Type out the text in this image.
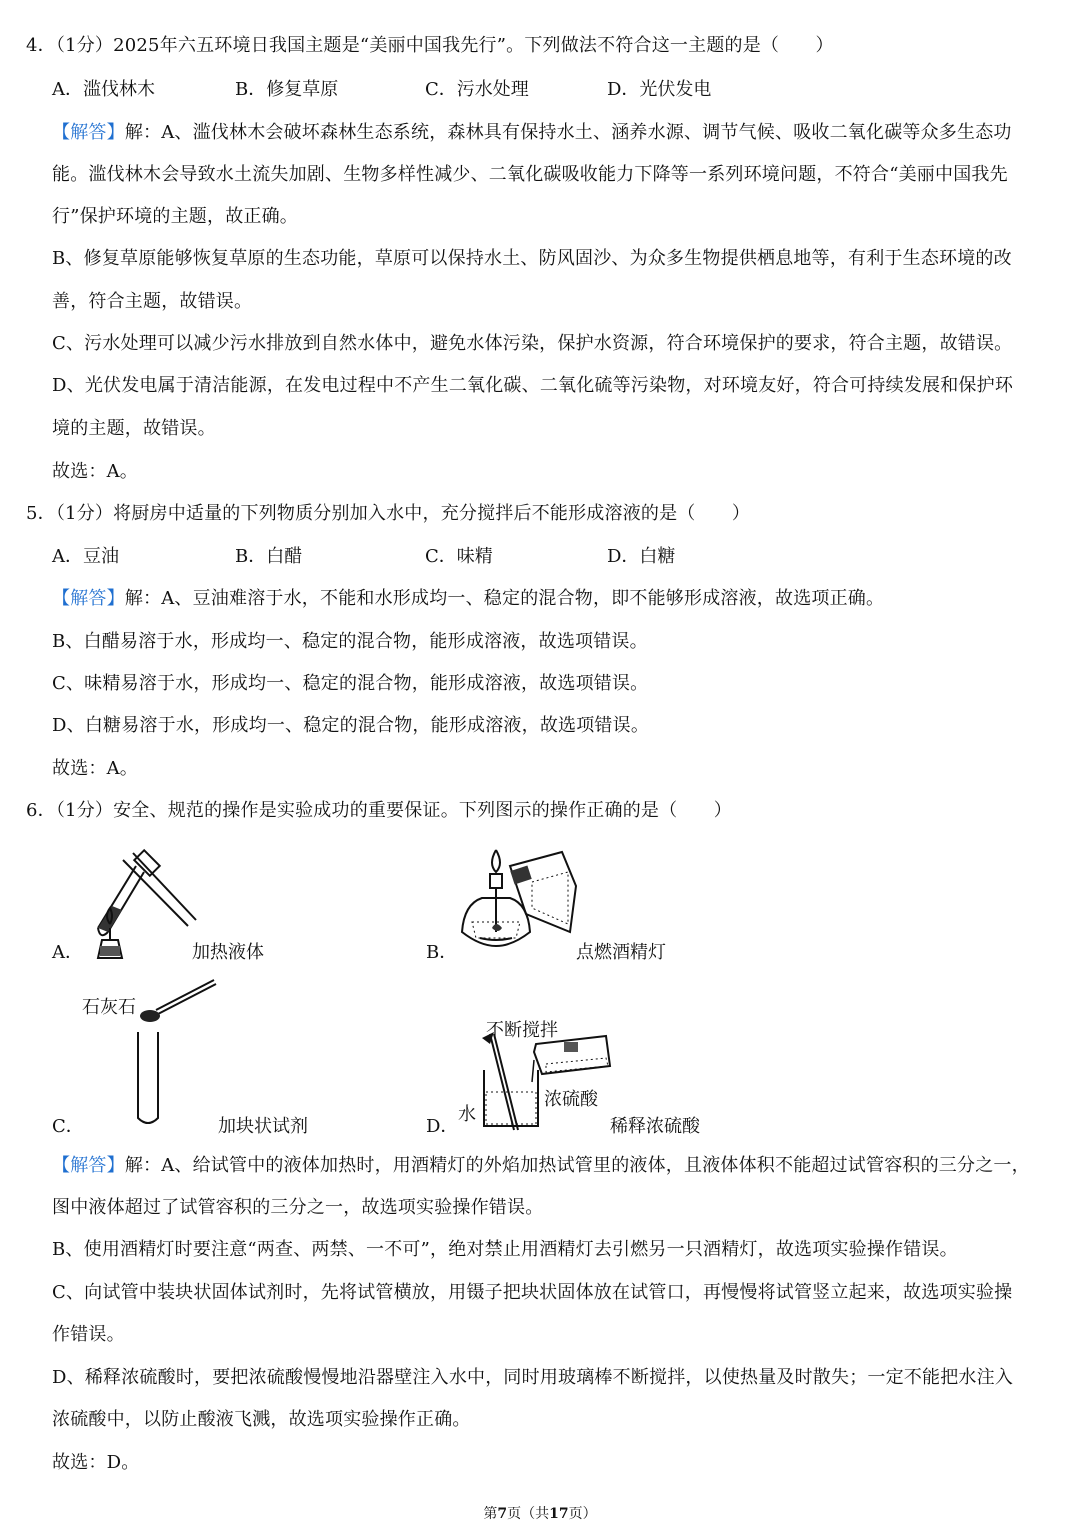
4．（1分）2025年六五环境日我国主题是“美丽中国我先行”。下列做法不符合这一主题的是（　　）
A．滥伐林木	B．修复草原	C．污水处理	D．光伏发电
【解答】解：A、滥伐林木会破坏森林生态系统，森林具有保持水土、涵养水源、调节气候、吸收二氧化碳等众多生态功
能。滥伐林木会导致水土流失加剧、生物多样性减少、二氧化碳吸收能力下降等一系列环境问题，不符合“美丽中国我先
行”保护环境的主题，故正确。
B、修复草原能够恢复草原的生态功能，草原可以保持水土、防风固沙、为众多生物提供栖息地等，有利于生态环境的改
善，符合主题，故错误。
C、污水处理可以减少污水排放到自然水体中，避免水体污染，保护水资源，符合环境保护的要求，符合主题，故错误。
D、光伏发电属于清洁能源，在发电过程中不产生二氧化碳、二氧化硫等污染物，对环境友好，符合可持续发展和保护环
境的主题，故错误。
故选：A。
5．（1分）将厨房中适量的下列物质分别加入水中，充分搅拌后不能形成溶液的是（　　）
A．豆油	B．白醋	C．味精	D．白糖
【解答】解：A、豆油难溶于水，不能和水形成均一、稳定的混合物，即不能够形成溶液，故选项正确。
B、白醋易溶于水，形成均一、稳定的混合物，能形成溶液，故选项错误。
C、味精易溶于水，形成均一、稳定的混合物，能形成溶液，故选项错误。
D、白糖易溶于水，形成均一、稳定的混合物，能形成溶液，故选项错误。
故选：A。
6．（1分）安全、规范的操作是实验成功的重要保证。下列图示的操作正确的是（　　）
A．	加热液体	B．	点燃酒精灯
石灰石
C．	加块状试剂
不断搅拌
浓硫酸
水
D．	稀释浓硫酸
【解答】解：A、给试管中的液体加热时，用酒精灯的外焰加热试管里的液体，且液体体积不能超过试管容积的三分之一，
图中液体超过了试管容积的三分之一，故选项实验操作错误。
B、使用酒精灯时要注意“两查、两禁、一不可”，绝对禁止用酒精灯去引燃另一只酒精灯，故选项实验操作错误。
C、向试管中装块状固体试剂时，先将试管横放，用镊子把块状固体放在试管口，再慢慢将试管竖立起来，故选项实验操
作错误。
D、稀释浓硫酸时，要把浓硫酸慢慢地沿器壁注入水中，同时用玻璃棒不断搅拌，以使热量及时散失；一定不能把水注入
浓硫酸中，以防止酸液飞溅，故选项实验操作正确。
故选：D。
第7页（共17页）
